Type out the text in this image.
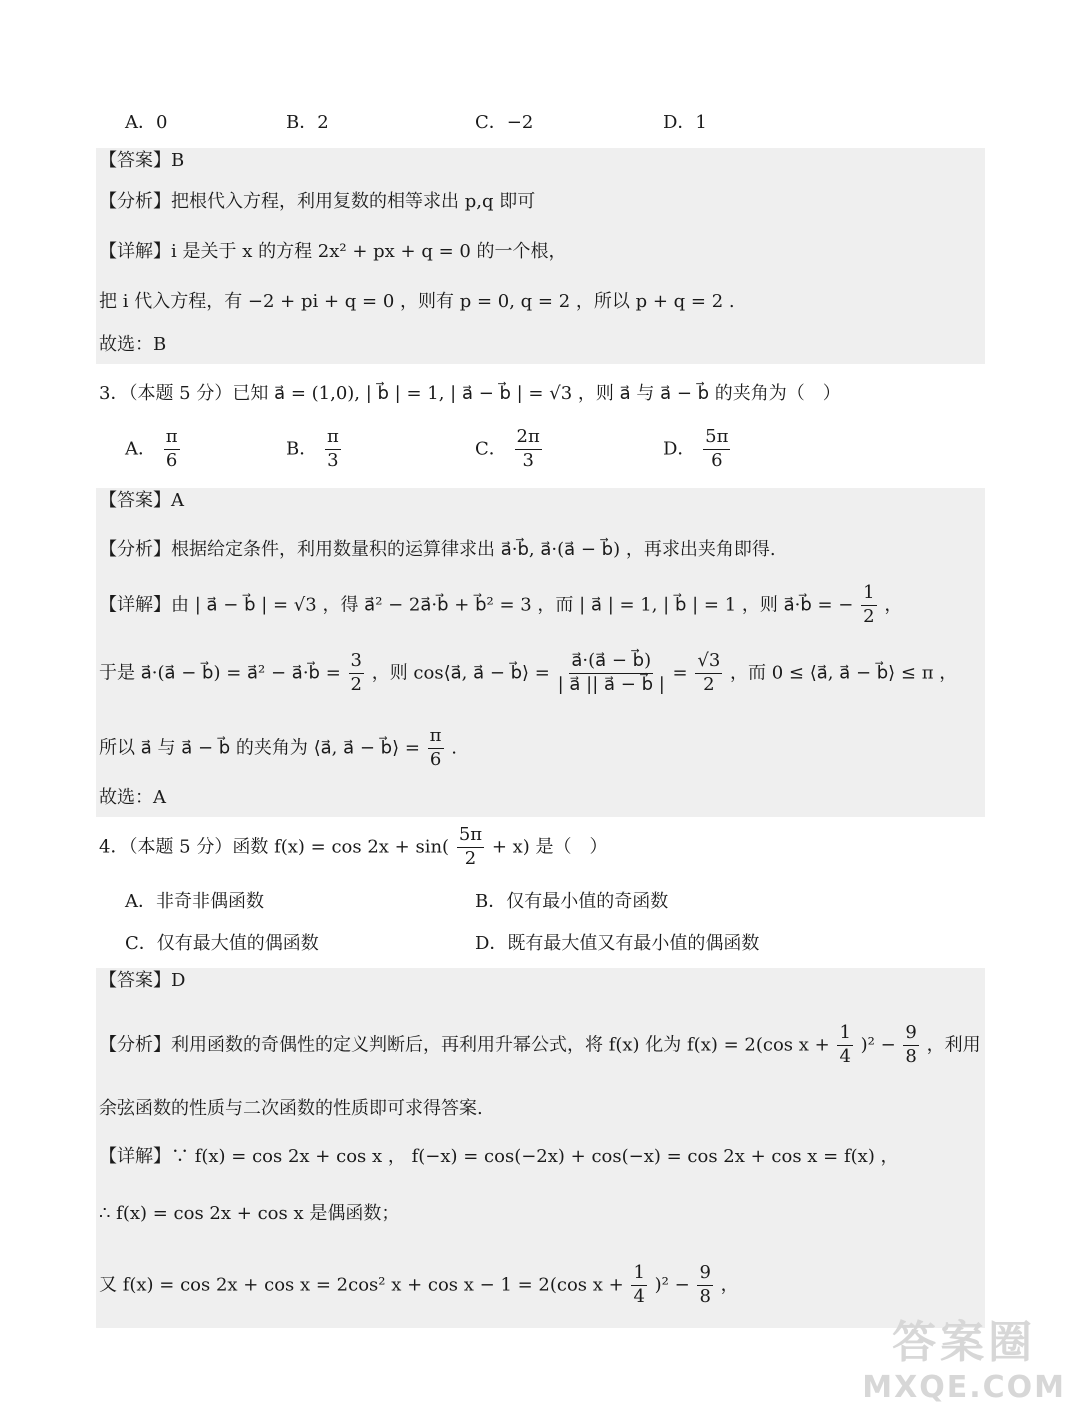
A．0	B．2	C．−2	D．1
【答案】B
【分析】把根代入方程，利用复数的相等求出 p,q 即可
【详解】i 是关于 x 的方程 2x² + px + q = 0 的一个根，
把 i 代入方程，有 −2 + pi + q = 0 ，则有 p = 0, q = 2 ，所以 p + q = 2 .
故选：B
3．（本题 5 分）已知 a⃗ = (1,0), | b⃗ | = 1, | a⃗ − b⃗ | = √3 ，则 a⃗ 与 a⃗ − b⃗ 的夹角为（　）
A． $\frac{\pi}{6}$	B． $\frac{\pi}{3}$	C． $\frac{2\pi}{3}$	D． $\frac{5\pi}{6}$
【答案】A
【分析】根据给定条件，利用数量积的运算律求出 a⃗·b⃗, a⃗·(a⃗ − b⃗) ，再求出夹角即得.
【详解】由 | a⃗ − b⃗ | = √3 ，得 a⃗² − 2a⃗·b⃗ + b⃗² = 3 ，而 | a⃗ | = 1, | b⃗ | = 1 ，则 a⃗·b⃗ = − $\frac{1}{2}$ ，
于是 a⃗·(a⃗ − b⃗) = a⃗² − a⃗·b⃗ = $\frac{3}{2}$ ，则 cos⟨a⃗, a⃗ − b⃗⟩ = $\frac{a⃗\cdot(a⃗ - b⃗)}{| a⃗ || a⃗ - b⃗ |} = \frac{√3}{2}$ ，而 0 ≤ ⟨a⃗, a⃗ − b⃗⟩ ≤ π ，
所以 a⃗ 与 a⃗ − b⃗ 的夹角为 ⟨a⃗, a⃗ − b⃗⟩ = $\frac{\pi}{6}$ .
故选：A
4．（本题 5 分）函数 $f(x) = \cos 2x + \sin( \frac{5\pi}{2} + x)$ 是（　）
A．非奇非偶函数	B．仅有最小值的奇函数
C．仅有最大值的偶函数	D．既有最大值又有最小值的偶函数
【答案】D
【分析】利用函数的奇偶性的定义判断后，再利用升幂公式，将 f(x) 化为 f(x) = 2(cos $x + \frac{1}{4} )^2 - \frac{9}{8}$ ，利用
余弦函数的性质与二次函数的性质即可求得答案.
【详解】∵ f(x) = cos 2x + cos x ， f(−x) = cos(−2x) + cos(−x) = cos 2x + cos x = f(x) ，
∴ f(x) = cos 2x + cos x 是偶函数；
又 f(x) = cos 2x + cos x = 2cos² x + cos x − 1 = 2(cos $x + \frac{1}{4} )^2 - \frac{9}{8}$ ，
答案圈
MXQE.COM
